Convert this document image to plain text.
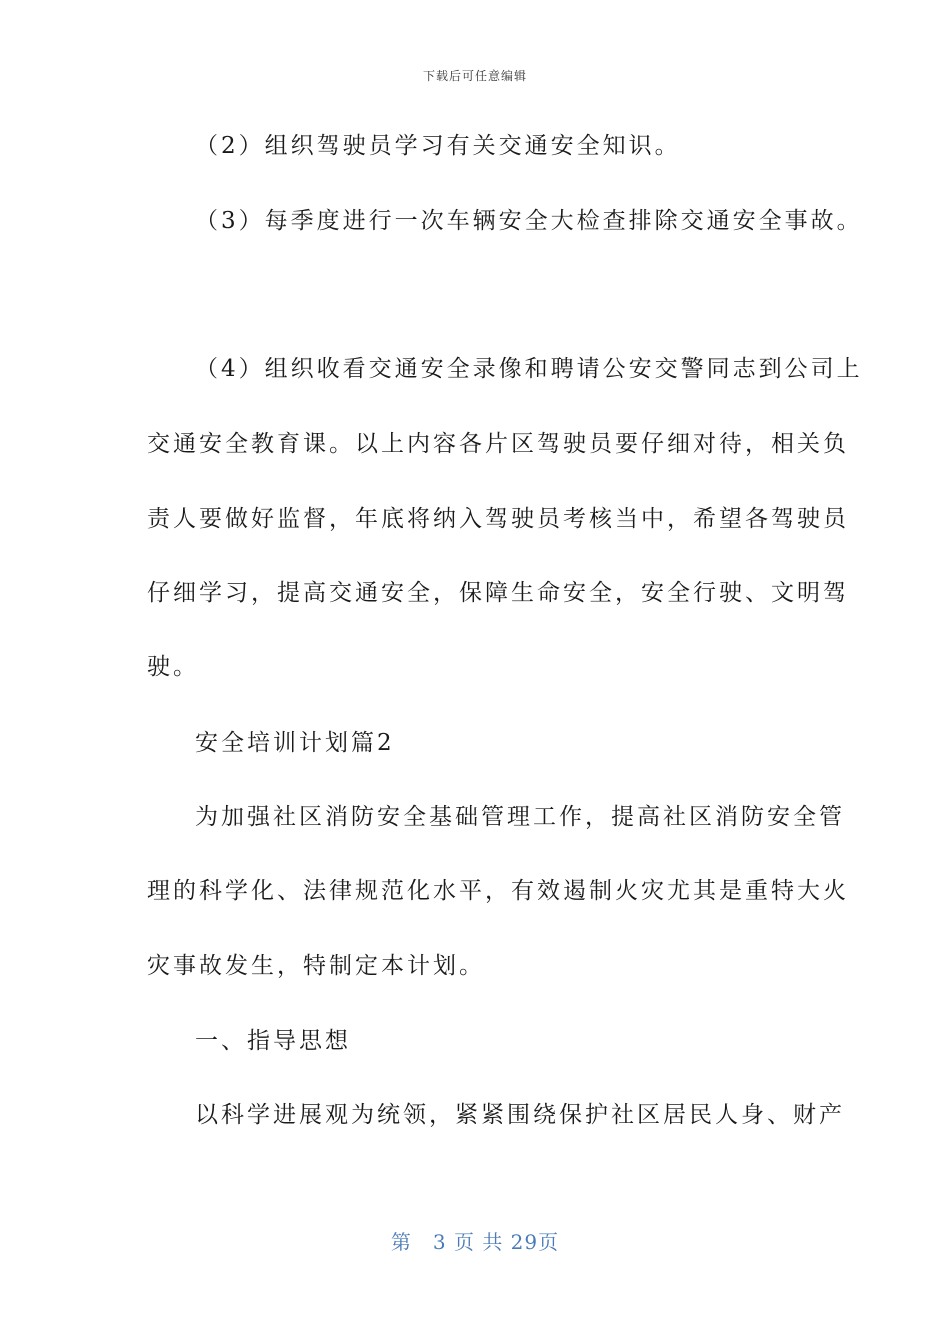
下载后可任意编辑
（2）组织驾驶员学习有关交通安全知识。
（3）每季度进行一次车辆安全大检查排除交通安全事故。
（4）组织收看交通安全录像和聘请公安交警同志到公司上
交通安全教育课。以上内容各片区驾驶员要仔细对待，相关负
责人要做好监督，年底将纳入驾驶员考核当中，希望各驾驶员
仔细学习，提高交通安全，保障生命安全，安全行驶、文明驾
驶。
安全培训计划篇2
为加强社区消防安全基础管理工作，提高社区消防安全管
理的科学化、法律规范化水平，有效遏制火灾尤其是重特大火
灾事故发生，特制定本计划。
一、指导思想
以科学进展观为统领，紧紧围绕保护社区居民人身、财产
第　3 页 共 29页
